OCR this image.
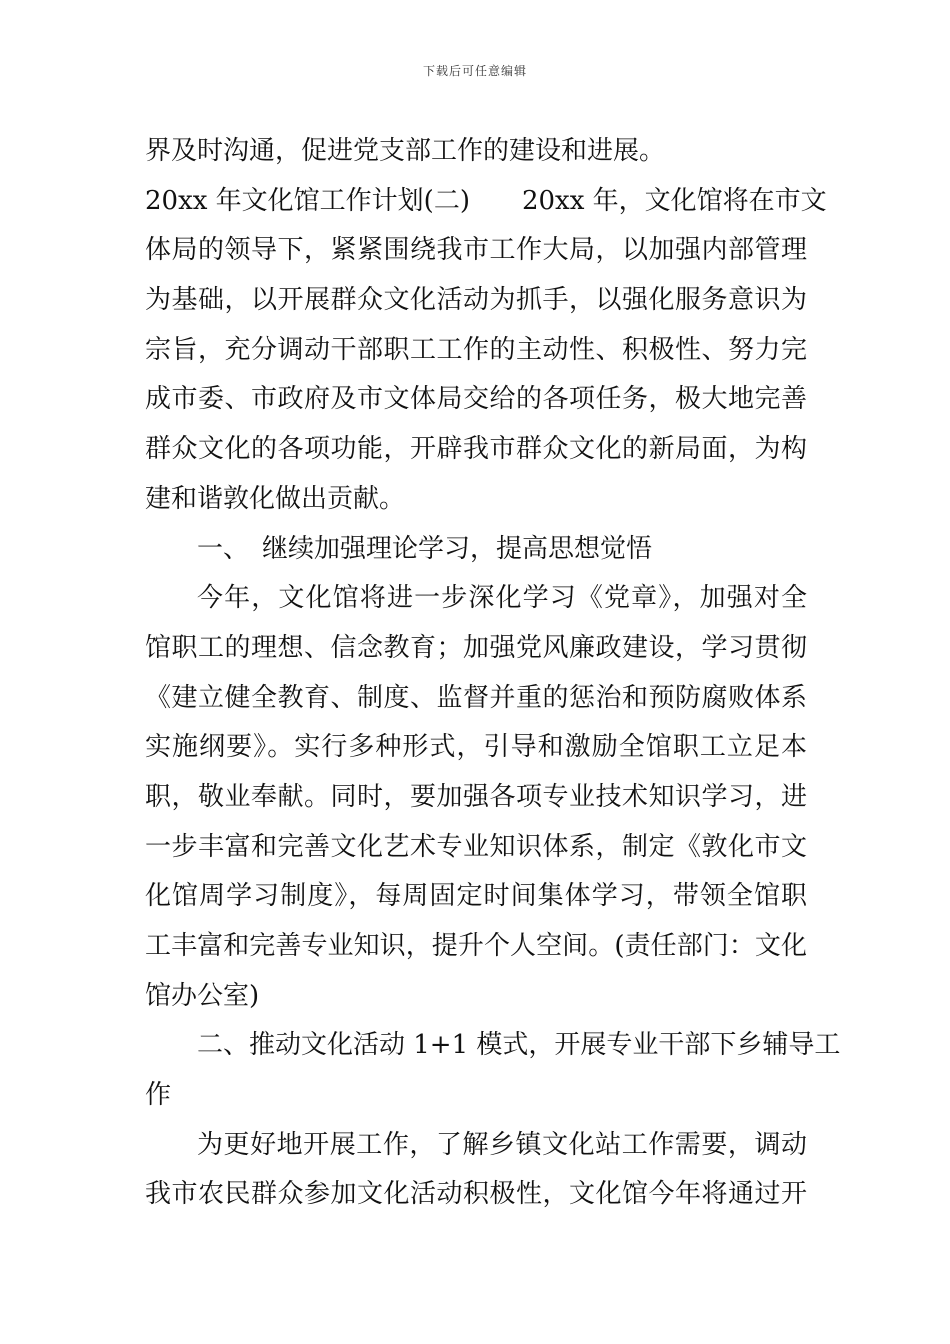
下载后可任意编辑
界及时沟通，促进党支部工作的建设和进展。
20xx 年文化馆工作计划(二)　　20xx 年，文化馆将在市文
体局的领导下，紧紧围绕我市工作大局，以加强内部管理
为基础，以开展群众文化活动为抓手，以强化服务意识为
宗旨，充分调动干部职工工作的主动性、积极性、努力完
成市委、市政府及市文体局交给的各项任务，极大地完善
群众文化的各项功能，开辟我市群众文化的新局面，为构
建和谐敦化做出贡献。
一、　继续加强理论学习，提高思想觉悟
今年，文化馆将进一步深化学习《党章》，加强对全
馆职工的理想、信念教育；加强党风廉政建设，学习贯彻
《建立健全教育、制度、监督并重的惩治和预防腐败体系
实施纲要》。实行多种形式，引导和激励全馆职工立足本
职，敬业奉献。同时，要加强各项专业技术知识学习，进
一步丰富和完善文化艺术专业知识体系，制定《敦化市文
化馆周学习制度》，每周固定时间集体学习，带领全馆职
工丰富和完善专业知识，提升个人空间。(责任部门：文化
馆办公室)
二、推动文化活动 1+1 模式，开展专业干部下乡辅导工
作
为更好地开展工作，了解乡镇文化站工作需要，调动
我市农民群众参加文化活动积极性，文化馆今年将通过开
